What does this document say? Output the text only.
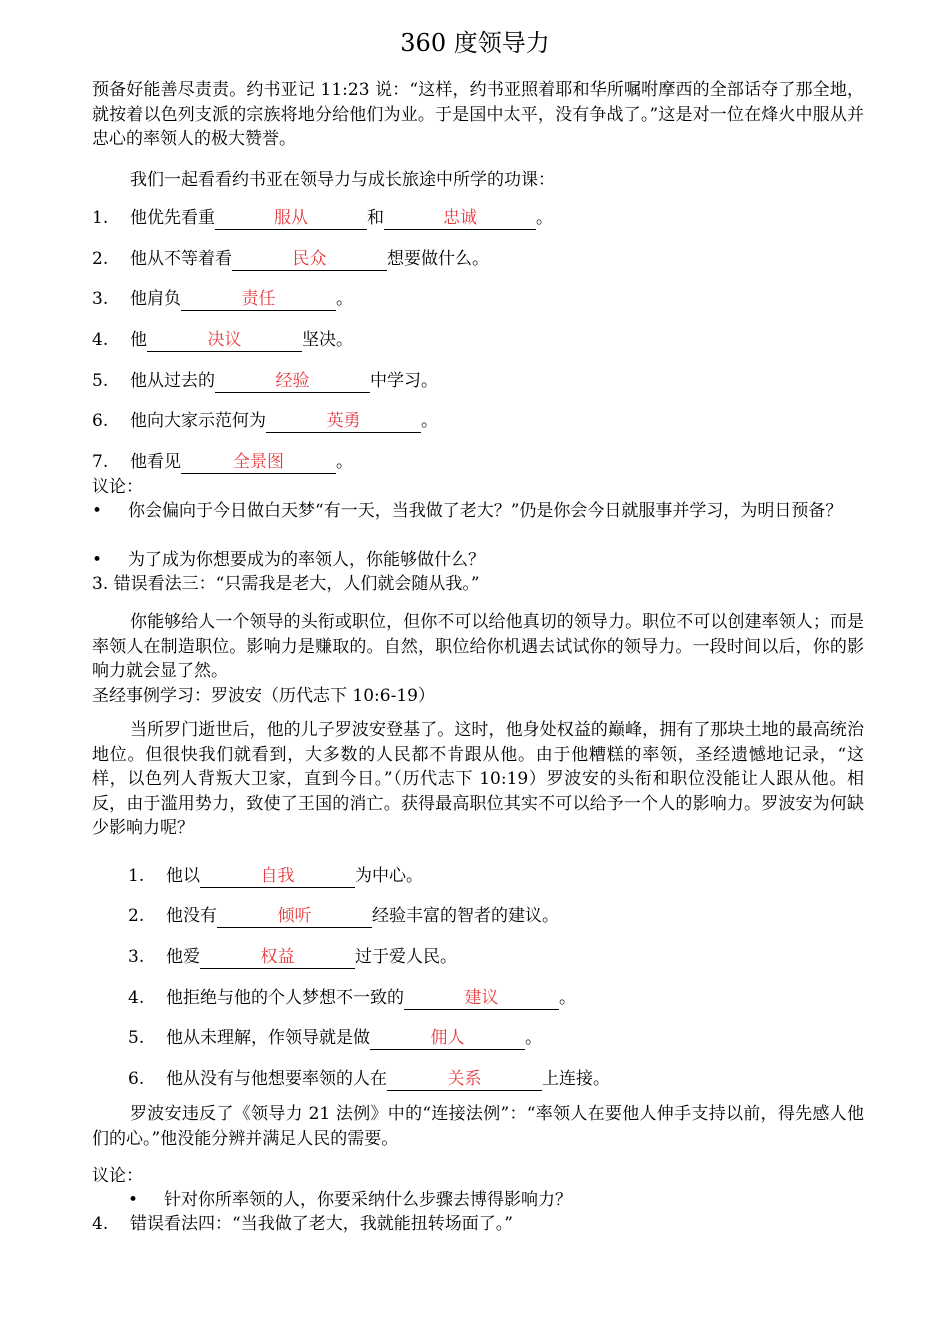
360 度领导力
预备好能善尽责责。约书亚记 11:23 说：“这样，约书亚照着耶和华所嘱咐摩西的全部话夺了那全地，就按着以色列支派的宗族将地分给他们为业。于是国中太平，没有争战了。”这是对一位在烽火中服从并忠心的率领人的极大赞誉。
我们一起看看约书亚在领导力与成长旅途中所学的功课：
1. 他优先看重	服从	和	忠诚	。
2. 他从不等着看	民众	想要做什么。
3. 他肩负	责任	。
4. 他	决议	坚决。
5. 他从过去的	经验	中学习。
6. 他向大家示范何为	英勇	。
7. 他看见	全景图	。
议论：
• 你会偏向于今日做白天梦“有一天，当我做了老大？”仍是你会今日就服事并学习，为明日预备？
• 为了成为你想要成为的率领人，你能够做什么？
3. 错误看法三：“只需我是老大，人们就会随从我。”
你能够给人一个领导的头衔或职位，但你不可以给他真切的领导力。职位不可以创建率领人；而是率领人在制造职位。影响力是赚取的。自然，职位给你机遇去试试你的领导力。一段时间以后，你的影响力就会显了然。
圣经事例学习：罗波安（历代志下 10:6-19）
当所罗门逝世后，他的儿子罗波安登基了。这时，他身处权益的巅峰，拥有了那块土地的最高统治地位。但很快我们就看到，大多数的人民都不肯跟从他。由于他糟糕的率领，圣经遗憾地记录，“这样，以色列人背叛大卫家，直到今日。”（历代志下 10:19）罗波安的头衔和职位没能让人跟从他。相反，由于滥用势力，致使了王国的消亡。获得最高职位其实不可以给予一个人的影响力。罗波安为何缺少影响力呢？
1. 他以	自我	为中心。
2. 他没有	倾听	经验丰富的智者的建议。
3. 他爱	权益	过于爱人民。
4. 他拒绝与他的个人梦想不一致的	建议	。
5. 他从未理解，作领导就是做	佣人	。
6. 他从没有与他想要率领的人在	关系	上连接。
罗波安违反了《领导力 21 法例》中的“连接法例”：“率领人在要他人伸手支持以前，得先感人他们的心。”他没能分辨并满足人民的需要。
议论：
• 针对你所率领的人，你要采纳什么步骤去博得影响力？
4. 错误看法四：“当我做了老大，我就能扭转场面了。”
